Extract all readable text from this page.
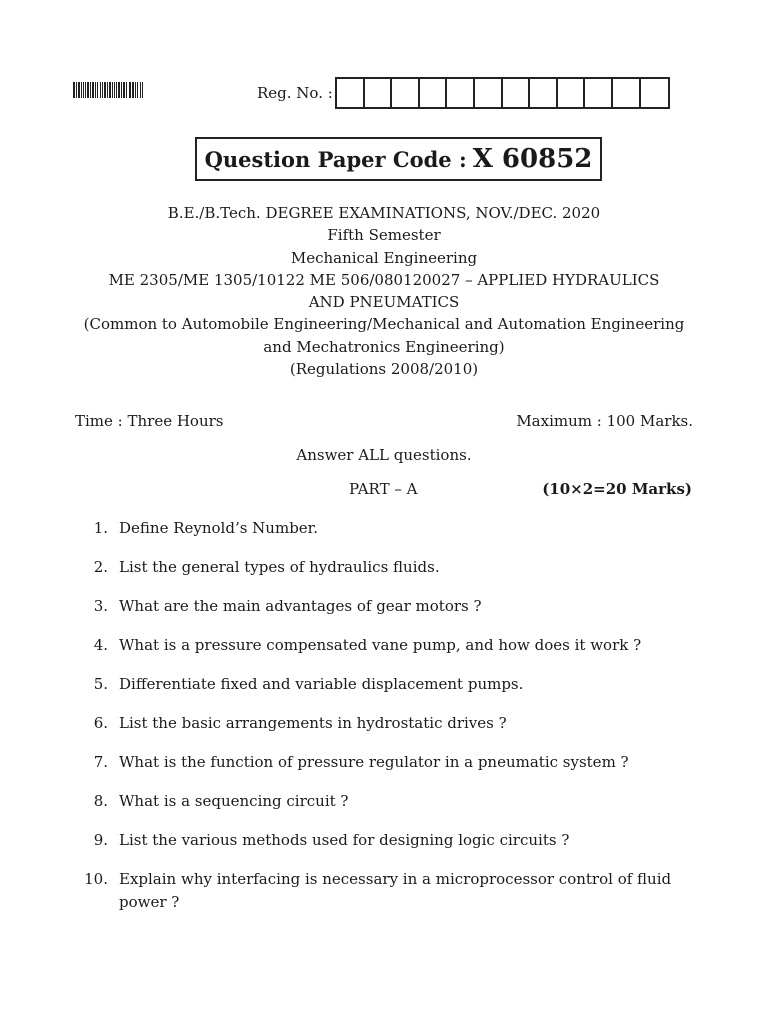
Reg. No. :
Question Paper Code : X 60852
B.E./B.Tech. DEGREE EXAMINATIONS, NOV./DEC. 2020
Fifth Semester
Mechanical Engineering
ME 2305/ME 1305/10122 ME 506/080120027 – APPLIED HYDRAULICS
AND PNEUMATICS
(Common to Automobile Engineering/Mechanical and Automation Engineering
and Mechatronics Engineering)
(Regulations 2008/2010)
Time : Three Hours	Maximum : 100 Marks.
Answer ALL questions.
PART – A	(10×2=20 Marks)
1. Define Reynold’s Number.
2. List the general types of hydraulics fluids.
3. What are the main advantages of gear motors ?
4. What is a pressure compensated vane pump, and how does it work ?
5. Differentiate fixed and variable displacement pumps.
6. List the basic arrangements in hydrostatic drives ?
7. What is the function of pressure regulator in a pneumatic system ?
8. What is a sequencing circuit ?
9. List the various methods used for designing logic circuits ?
10. Explain why interfacing is necessary in a microprocessor control of fluid power ?
